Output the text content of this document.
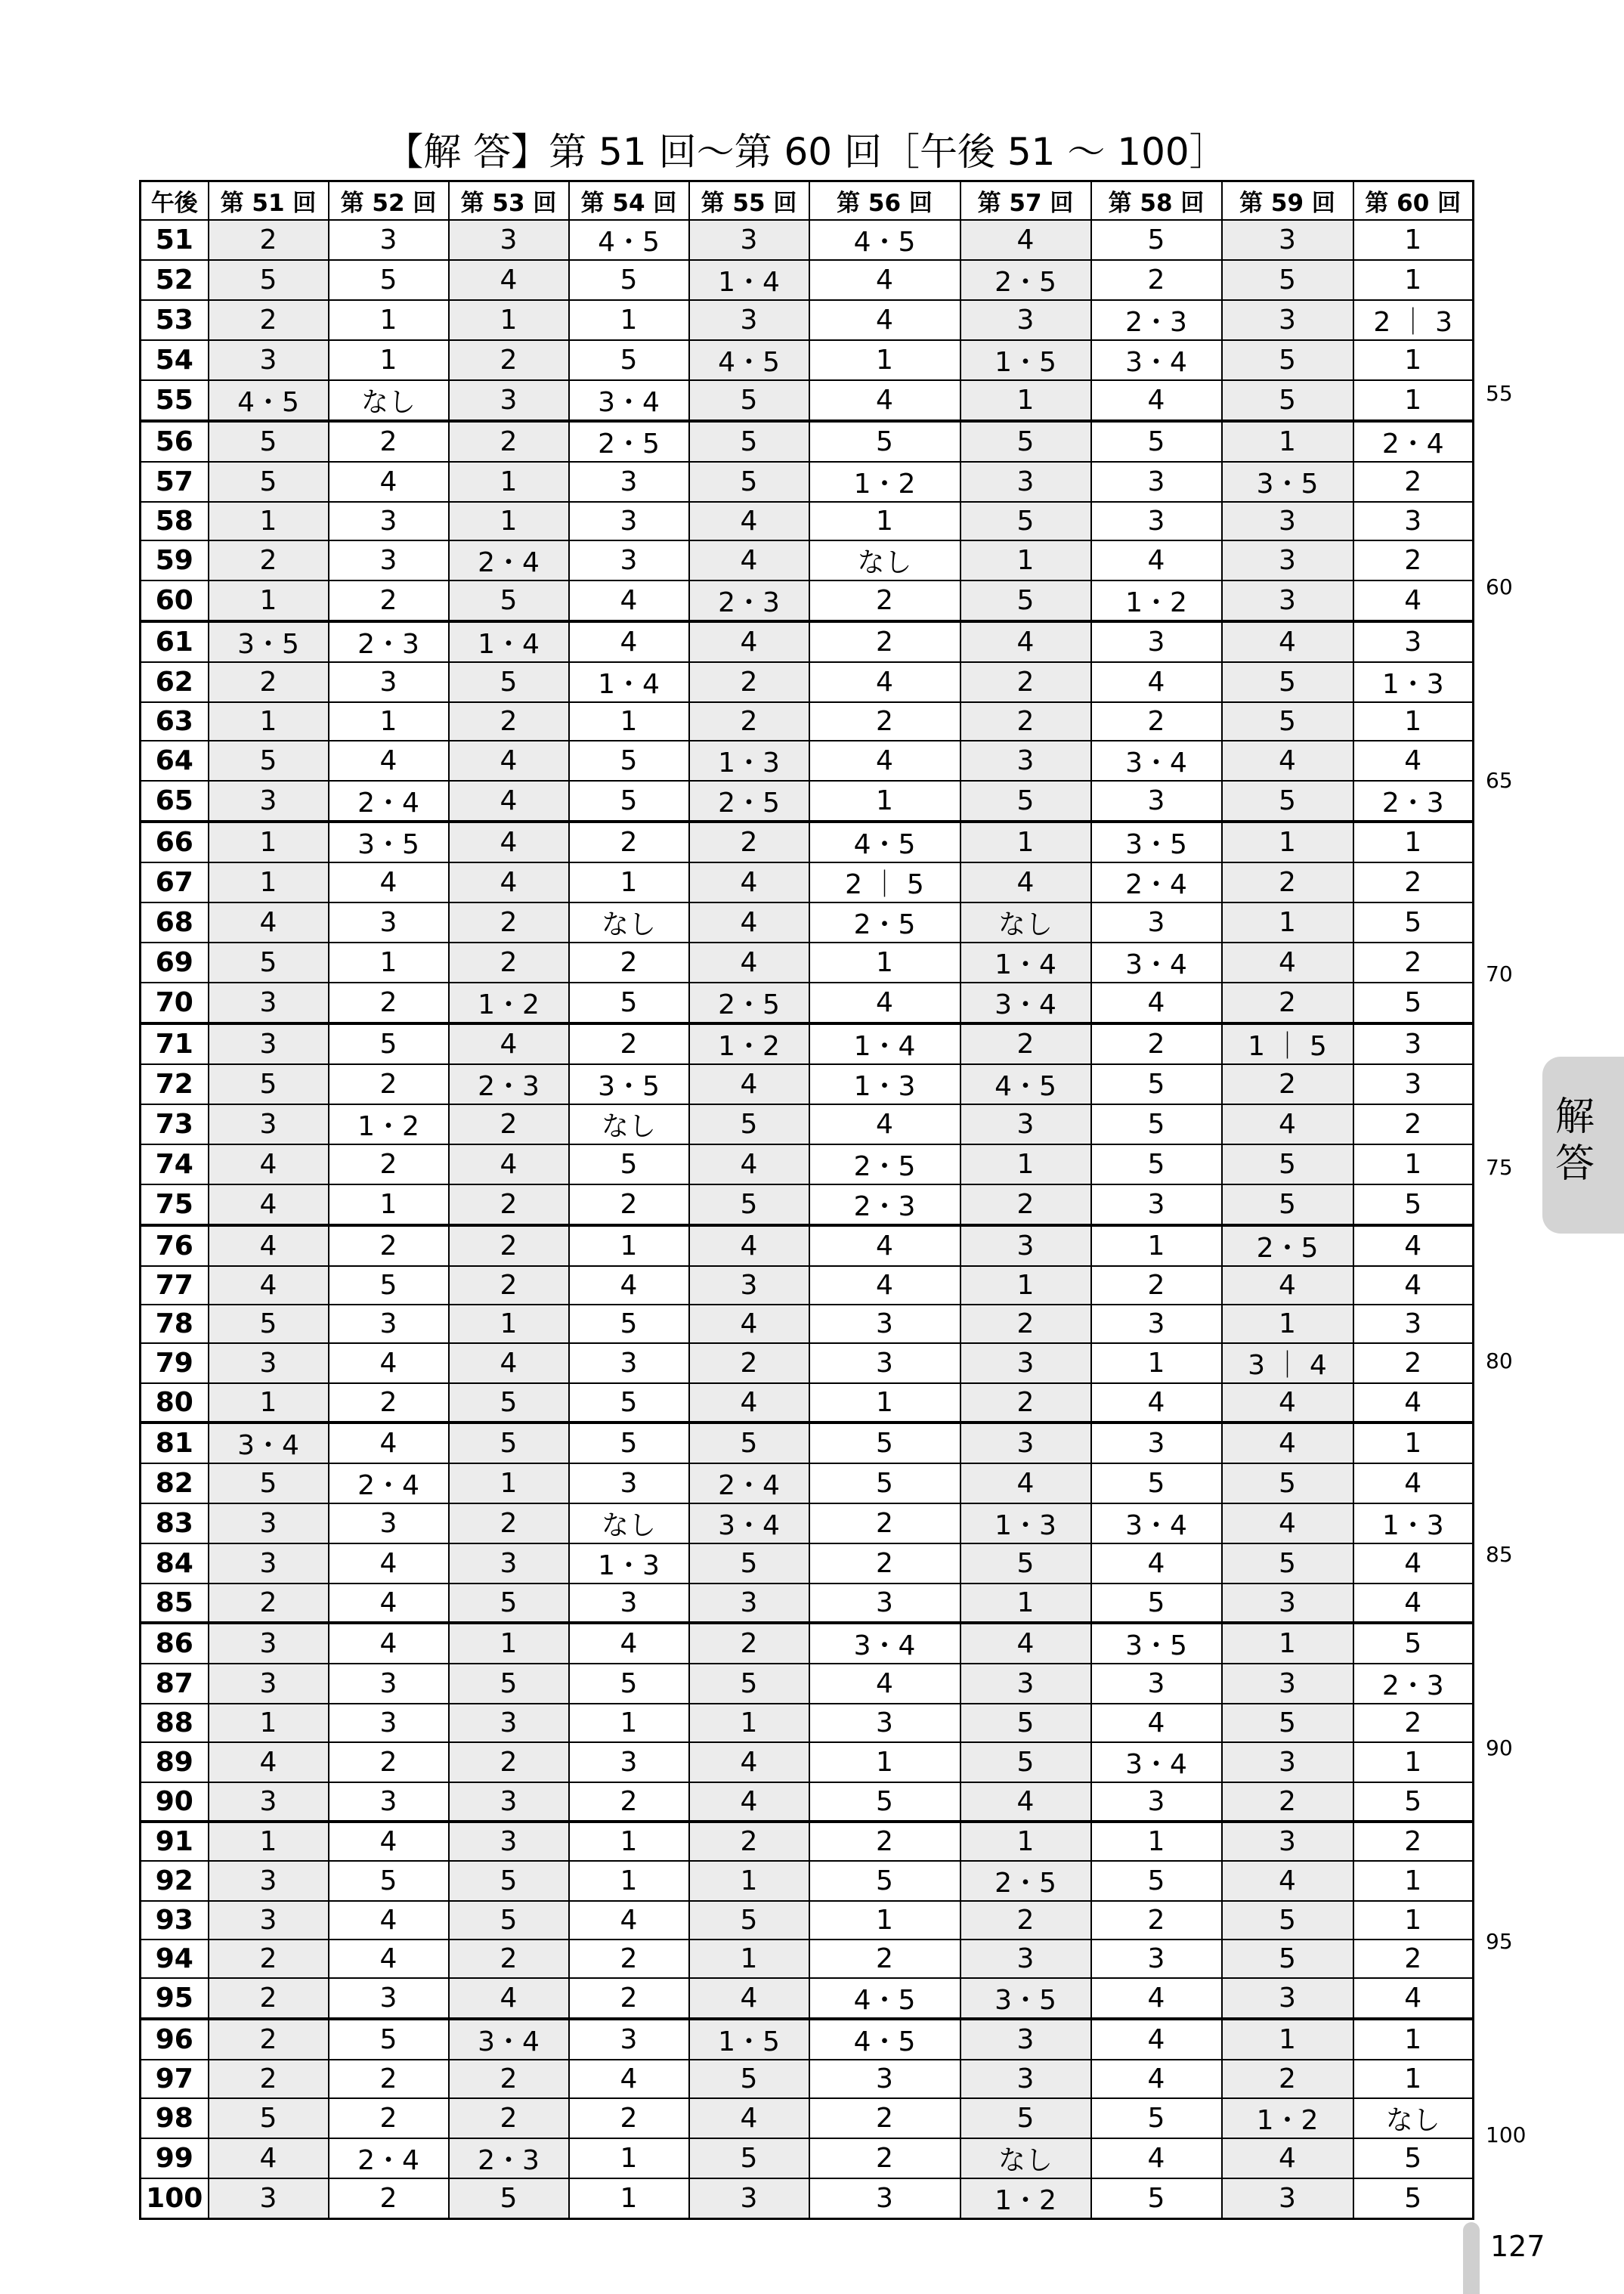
【解 答】第 51 回～第 60 回［午後 51 ～ 100］
午後	第 51 回	第 52 回	第 53 回	第 54 回	第 55 回	第 56 回	第 57 回	第 58 回	第 59 回	第 60 回
51	2	3	3	4・5	3	4・5	4	5	3	1
52	5	5	4	5	1・4	4	2・5	2	5	1
53	2	1	1	1	3	4	3	2・3	3	2 ｜ 3
54	3	1	2	5	4・5	1	1・5	3・4	5	1
55	4・5	なし	3	3・4	5	4	1	4	5	1
56	5	2	2	2・5	5	5	5	5	1	2・4
57	5	4	1	3	5	1・2	3	3	3・5	2
58	1	3	1	3	4	1	5	3	3	3
59	2	3	2・4	3	4	なし	1	4	3	2
60	1	2	5	4	2・3	2	5	1・2	3	4
61	3・5	2・3	1・4	4	4	2	4	3	4	3
62	2	3	5	1・4	2	4	2	4	5	1・3
63	1	1	2	1	2	2	2	2	5	1
64	5	4	4	5	1・3	4	3	3・4	4	4
65	3	2・4	4	5	2・5	1	5	3	5	2・3
66	1	3・5	4	2	2	4・5	1	3・5	1	1
67	1	4	4	1	4	2 ｜ 5	4	2・4	2	2
68	4	3	2	なし	4	2・5	なし	3	1	5
69	5	1	2	2	4	1	1・4	3・4	4	2
70	3	2	1・2	5	2・5	4	3・4	4	2	5
71	3	5	4	2	1・2	1・4	2	2	1 ｜ 5	3
72	5	2	2・3	3・5	4	1・3	4・5	5	2	3
73	3	1・2	2	なし	5	4	3	5	4	2
74	4	2	4	5	4	2・5	1	5	5	1
75	4	1	2	2	5	2・3	2	3	5	5
76	4	2	2	1	4	4	3	1	2・5	4
77	4	5	2	4	3	4	1	2	4	4
78	5	3	1	5	4	3	2	3	1	3
79	3	4	4	3	2	3	3	1	3 ｜ 4	2
80	1	2	5	5	4	1	2	4	4	4
81	3・4	4	5	5	5	5	3	3	4	1
82	5	2・4	1	3	2・4	5	4	5	5	4
83	3	3	2	なし	3・4	2	1・3	3・4	4	1・3
84	3	4	3	1・3	5	2	5	4	5	4
85	2	4	5	3	3	3	1	5	3	4
86	3	4	1	4	2	3・4	4	3・5	1	5
87	3	3	5	5	5	4	3	3	3	2・3
88	1	3	3	1	1	3	5	4	5	2
89	4	2	2	3	4	1	5	3・4	3	1
90	3	3	3	2	4	5	4	3	2	5
91	1	4	3	1	2	2	1	1	3	2
92	3	5	5	1	1	5	2・5	5	4	1
93	3	4	5	4	5	1	2	2	5	1
94	2	4	2	2	1	2	3	3	5	2
95	2	3	4	2	4	4・5	3・5	4	3	4
96	2	5	3・4	3	1・5	4・5	3	4	1	1
97	2	2	2	4	5	3	3	4	2	1
98	5	2	2	2	4	2	5	5	1・2	なし
99	4	2・4	2・3	1	5	2	なし	4	4	5
100	3	2	5	1	3	3	1・2	5	3	5
55
60
65
70
75
80
85
90
95
100
解
答
127
